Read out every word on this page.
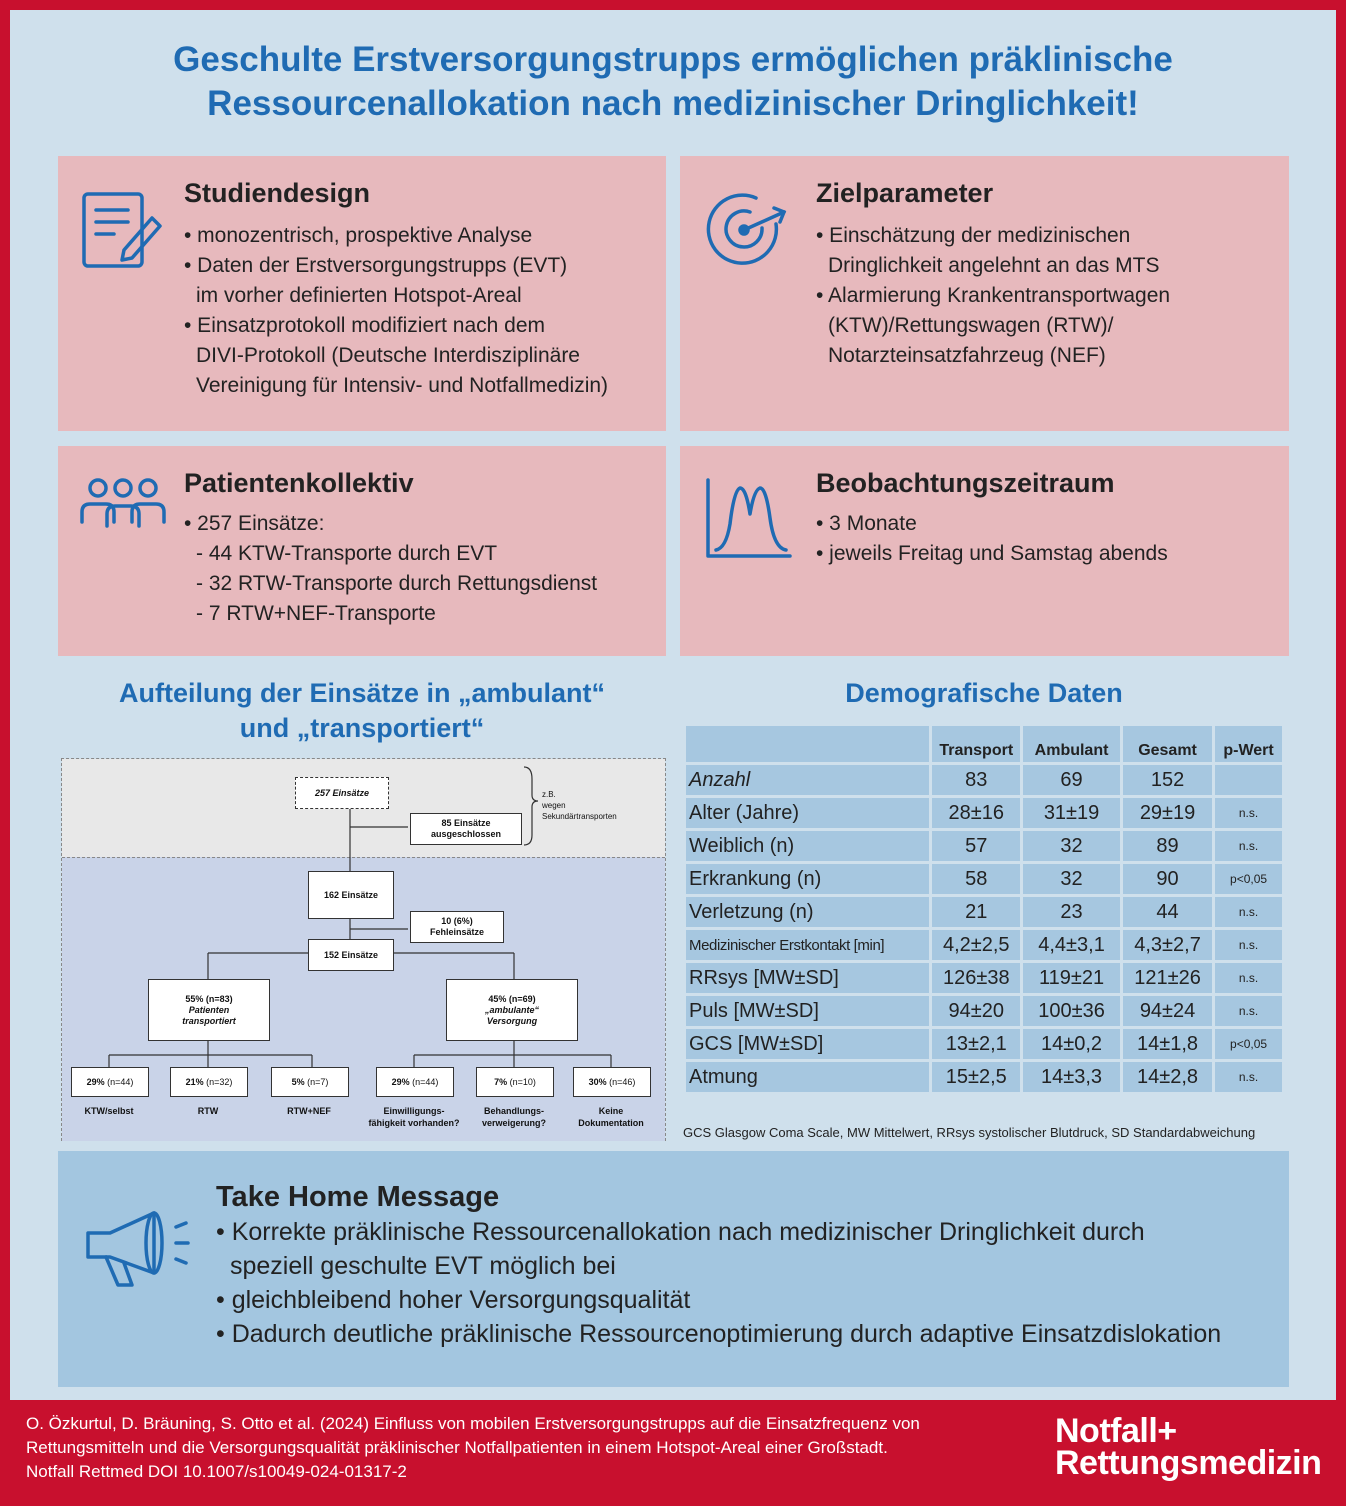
Geschulte Erstversorgungstrupps ermöglichen präklinische
Ressourcenallokation nach medizinischer Dringlichkeit!
Studiendesign
• monozentrisch, prospektive Analyse
• Daten der Erstversorgungstrupps (EVT)
im vorher definierten Hotspot-Areal
• Einsatzprotokoll modifiziert nach dem
DIVI-Protokoll (Deutsche Interdisziplinäre
Vereinigung für Intensiv- und Notfallmedizin)
Zielparameter
• Einschätzung der medizinischen
Dringlichkeit angelehnt an das MTS
• Alarmierung Krankentransportwagen
(KTW)/Rettungswagen (RTW)/
Notarzteinsatzfahrzeug (NEF)
Patientenkollektiv
• 257 Einsätze:
- 44 KTW-Transporte durch EVT
- 32 RTW-Transporte durch Rettungsdienst
- 7 RTW+NEF-Transporte
Beobachtungszeitraum
• 3 Monate
• jeweils Freitag und Samstag abends
Aufteilung der Einsätze in „ambulant“
und „transportiert“
257 Einsätze	z.B.
wegen
Sekundärtransporten
85 Einsätze
ausgeschlossen
162 Einsätze
10 (6%)
Fehleinsätze
152 Einsätze
55% (n=83)
Patienten
transportiert
45% (n=69)
„ambulante“
Versorgung
29%
(n=44)	21%
(n=32)	5%
(n=7)	29%
(n=44)	7%
(n=10)	30%
(n=46)
KTW/selbst	RTW	RTW+NEF	Einwilligungs-
fähigkeit vorhanden?
Behandlungs-
verweigerung?
Keine
Dokumentation
Demografische Daten
	Transport	Ambulant	Gesamt	p-Wert
Anzahl	83	69	152	
Alter (Jahre)	28±16	31±19	29±19	n.s.
Weiblich (n)	57	32	89	n.s.
Erkrankung (n)	58	32	90	p<0,05
Verletzung (n)	21	23	44	n.s.
Medizinischer Erstkontakt [min]	4,2±2,5	4,4±3,1	4,3±2,7	n.s.
RRsys [MW±SD]	126±38	119±21	121±26	n.s.
Puls [MW±SD]	94±20	100±36	94±24	n.s.
GCS [MW±SD]	13±2,1	14±0,2	14±1,8	p<0,05
Atmung	15±2,5	14±3,3	14±2,8	n.s.
GCS Glasgow Coma Scale, MW Mittelwert, RRsys systolischer Blutdruck, SD Standardabweichung
Take Home Message
• Korrekte präklinische Ressourcenallokation nach medizinischer Dringlichkeit durch
speziell geschulte EVT möglich bei
• gleichbleibend hoher Versorgungsqualität
• Dadurch deutliche präklinische Ressourcenoptimierung durch adaptive Einsatzdislokation
O. Özkurtul, D. Bräuning, S. Otto et al. (2024) Einfluss von mobilen Erstversorgungstrupps auf die Einsatzfrequenz von
Rettungsmitteln und die Versorgungsqualität präklinischer Notfallpatienten in einem Hotspot-Areal einer Großstadt.
Notfall Rettmed DOI 10.1007/s10049-024-01317-2
Notfall+
Rettungsmedizin
